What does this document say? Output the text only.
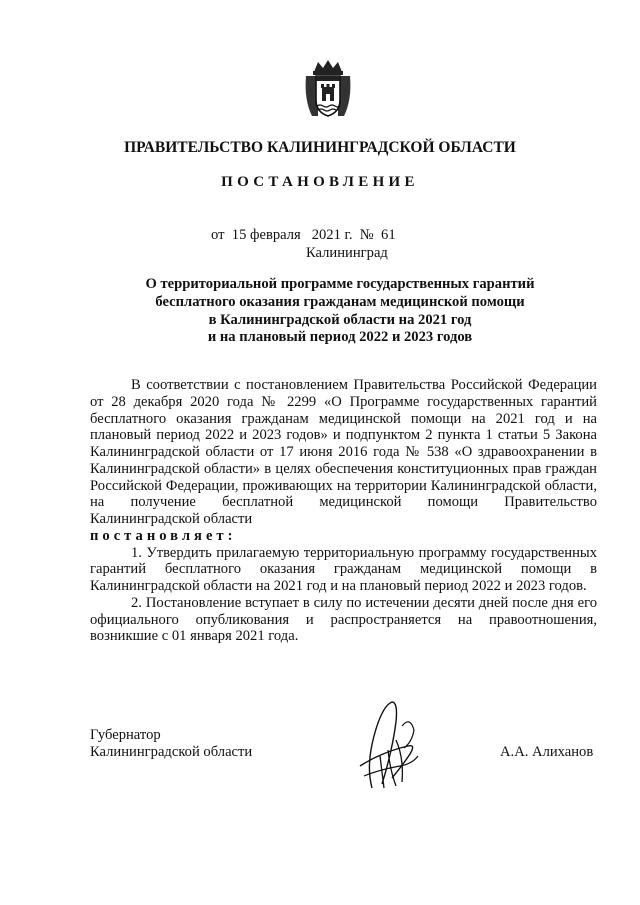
ПРАВИТЕЛЬСТВО КАЛИНИНГРАДСКОЙ ОБЛАСТИ
ПОСТАНОВЛЕНИЕ
от  15 февраля   2021 г.  №  61
Калининград
О территориальной программе государственных гарантий
бесплатного оказания гражданам медицинской помощи
в Калининградской области на 2021 год
и на плановый период 2022 и 2023 годов

В соответствии с постановлением Правительства Российской Федерации от 28 декабря 2020 года № 2299 «О Программе государственных гарантий бесплатного оказания гражданам медицинской помощи на 2021 год и на плановый период 2022 и 2023 годов» и подпунктом 2 пункта 1 статьи 5 Закона Калининградской области от 17 июня 2016 года № 538 «О здравоохранении в Калининградской области» в целях обеспечения конституционных прав граждан Российской Федерации, проживающих на территории Калининградской области, на получение бесплатной медицинской помощи Правительство Калининградской области

постановляет:

1. Утвердить прилагаемую территориальную программу государственных гарантий бесплатного оказания гражданам медицинской помощи в Калининградской области на 2021 год и на плановый период 2022 и 2023 годов.

2. Постановление вступает в силу по истечении десяти дней после дня его официального опубликования и распространяется на правоотношения, возникшие с 01 января 2021 года.

Губернатор
Калининградской области	А.А. Алиханов
